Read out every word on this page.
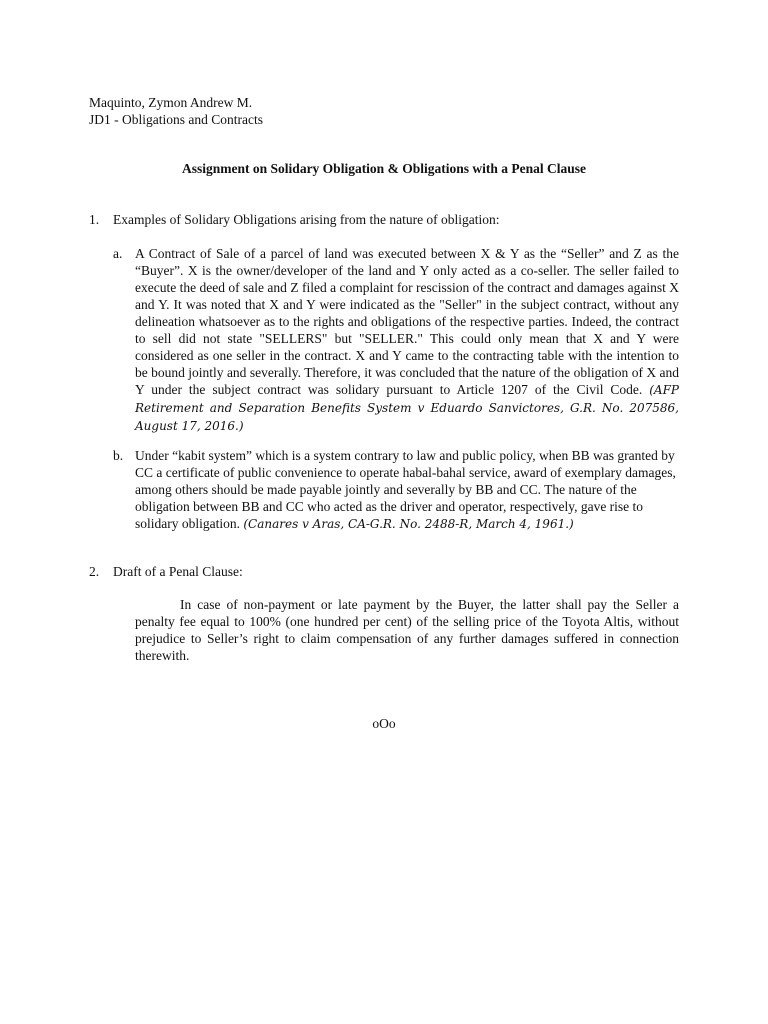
Maquinto, Zymon Andrew M.
JD1 - Obligations and Contracts
Assignment on Solidary Obligation & Obligations with a Penal Clause
1. Examples of Solidary Obligations arising from the nature of obligation:
a. A Contract of Sale of a parcel of land was executed between X & Y as the “Seller” and Z as the “Buyer”. X is the owner/developer of the land and Y only acted as a co-seller. The seller failed to execute the deed of sale and Z filed a complaint for rescission of the contract and damages against X and Y. It was noted that X and Y were indicated as the "Seller" in the subject contract, without any delineation whatsoever as to the rights and obligations of the respective parties. Indeed, the contract to sell did not state "SELLERS" but "SELLER." This could only mean that X and Y were considered as one seller in the contract. X and Y came to the contracting table with the intention to be bound jointly and severally. Therefore, it was concluded that the nature of the obligation of X and Y under the subject contract was solidary pursuant to Article 1207 of the Civil Code. (AFP Retirement and Separation Benefits System v Eduardo Sanvictores, G.R. No. 207586, August 17, 2016.)
b. Under “kabit system” which is a system contrary to law and public policy, when BB was granted by CC a certificate of public convenience to operate habal-bahal service, award of exemplary damages, among others should be made payable jointly and severally by BB and CC. The nature of the obligation between BB and CC who acted as the driver and operator, respectively, gave rise to solidary obligation. (Canares v Aras, CA-G.R. No. 2488-R, March 4, 1961.)
2. Draft of a Penal Clause:
In case of non-payment or late payment by the Buyer, the latter shall pay the Seller a penalty fee equal to 100% (one hundred per cent) of the selling price of the Toyota Altis, without prejudice to Seller’s right to claim compensation of any further damages suffered in connection therewith.
oOo
